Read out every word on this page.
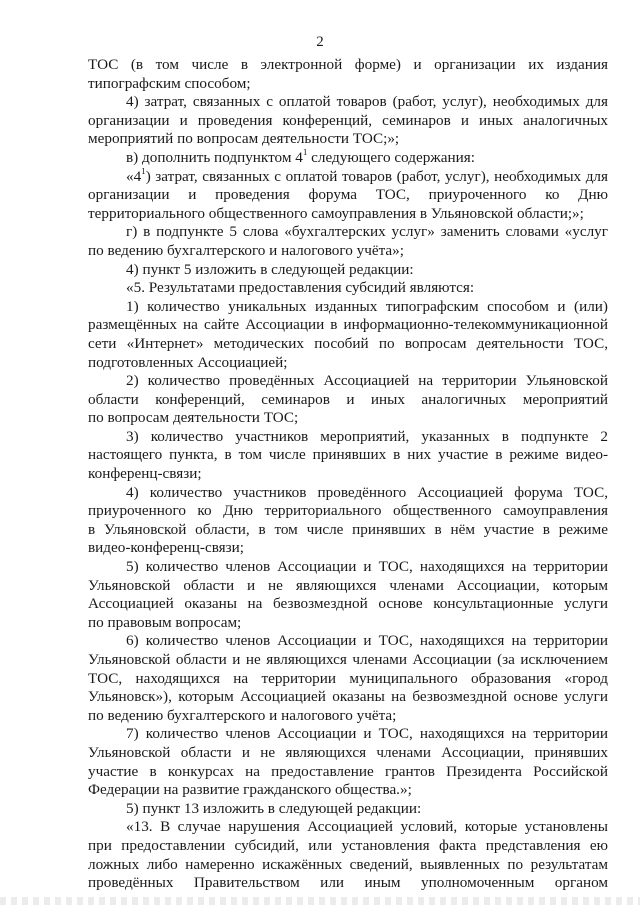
2
ТОС (в том числе в электронной форме) и организации их издания
типографским способом;
4) затрат, связанных с оплатой товаров (работ, услуг), необходимых для
организации и проведения конференций, семинаров и иных аналогичных
мероприятий по вопросам деятельности ТОС;»;
в) дополнить подпунктом $4^1$ следующего содержания:
«$4^1$) затрат, связанных с оплатой товаров (работ, услуг), необходимых для
организации и проведения форума ТОС, приуроченного ко Дню
территориального общественного самоуправления в Ульяновской области;»;
г) в подпункте 5 слова «бухгалтерских услуг» заменить словами «услуг
по ведению бухгалтерского и налогового учёта»;
4) пункт 5 изложить в следующей редакции:
«5. Результатами предоставления субсидий являются:
1) количество уникальных изданных типографским способом и (или)
размещённых на сайте Ассоциации в информационно-телекоммуникационной
сети «Интернет» методических пособий по вопросам деятельности ТОС,
подготовленных Ассоциацией;
2) количество проведённых Ассоциацией на территории Ульяновской
области конференций, семинаров и иных аналогичных мероприятий
по вопросам деятельности ТОС;
3) количество участников мероприятий, указанных в подпункте 2
настоящего пункта, в том числе принявших в них участие в режиме видео-
конференц-связи;
4) количество участников проведённого Ассоциацией форума ТОС,
приуроченного ко Дню территориального общественного самоуправления
в Ульяновской области, в том числе принявших в нём участие в режиме
видео-конференц-связи;
5) количество членов Ассоциации и ТОС, находящихся на территории
Ульяновской области и не являющихся членами Ассоциации, которым
Ассоциацией оказаны на безвозмездной основе консультационные услуги
по правовым вопросам;
6) количество членов Ассоциации и ТОС, находящихся на территории
Ульяновской области и не являющихся членами Ассоциации (за исключением
ТОС, находящихся на территории муниципального образования «город
Ульяновск»), которым Ассоциацией оказаны на безвозмездной основе услуги
по ведению бухгалтерского и налогового учёта;
7) количество членов Ассоциации и ТОС, находящихся на территории
Ульяновской области и не являющихся членами Ассоциации, принявших
участие в конкурсах на предоставление грантов Президента Российской
Федерации на развитие гражданского общества.»;
5) пункт 13 изложить в следующей редакции:
«13. В случае нарушения Ассоциацией условий, которые установлены
при предоставлении субсидий, или установления факта представления ею
ложных либо намеренно искажённых сведений, выявленных по результатам
проведённых Правительством или иным уполномоченным органом
